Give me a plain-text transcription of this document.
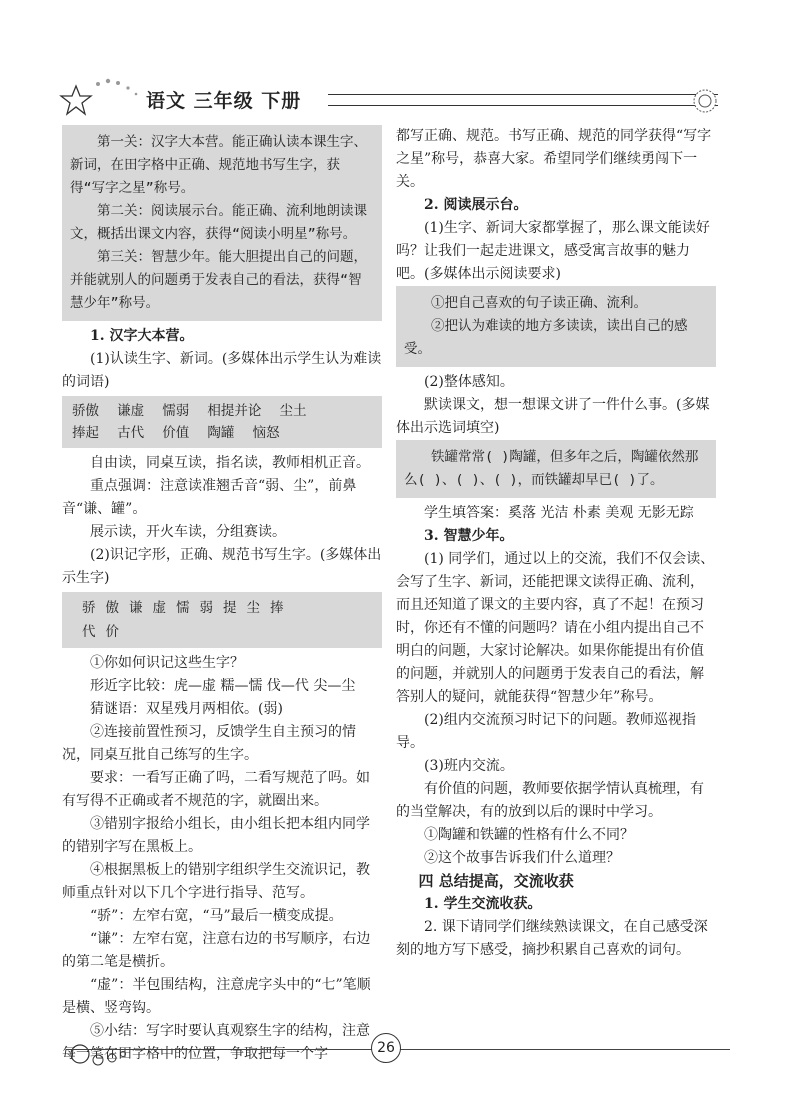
语文 三年级 下册

第一关：汉字大本营。能正确认读本课生字、新词，在田字格中正确、规范地书写生字，获得“写字之星”称号。

第二关：阅读展示台。能正确、流利地朗读课文，概括出课文内容，获得“阅读小明星”称号。

第三关：智慧少年。能大胆提出自己的问题，并能就别人的问题勇于发表自己的看法，获得“智慧少年”称号。

1. 汉字大本营。

(1)认读生字、新词。(多媒体出示学生认为难读的词语)

骄傲 谦虚 懦弱 相提并论 尘土
捧起 古代 价值 陶罐 恼怒

自由读，同桌互读，指名读，教师相机正音。

重点强调：注意读准翘舌音“弱、尘”，前鼻音“谦、罐”。

展示读，开火车读，分组赛读。

(2)识记字形，正确、规范书写生字。(多媒体出示生字)

骄傲谦虚懦弱提尘捧
代价

①你如何识记这些生字？

形近字比较：虎—虚 糯—懦 伐—代 尖—尘

猜谜语：双星残月两相依。(弱)

②连接前置性预习，反馈学生自主预习的情况，同桌互批自己练写的生字。

要求：一看写正确了吗，二看写规范了吗。如有写得不正确或者不规范的字，就圈出来。

③错别字报给小组长，由小组长把本组内同学的错别字写在黑板上。

④根据黑板上的错别字组织学生交流识记，教师重点针对以下几个字进行指导、范写。

“骄”：左窄右宽，“马”最后一横变成提。

“谦”：左窄右宽，注意右边的书写顺序，右边的第二笔是横折。

“虚”：半包围结构，注意虎字头中的“七”笔顺是横、竖弯钩。

⑤小结：写字时要认真观察生字的结构，注意每一笔在田字格中的位置，争取把每一个字

都写正确、规范。书写正确、规范的同学获得“写字之星”称号，恭喜大家。希望同学们继续勇闯下一关。

2. 阅读展示台。

(1)生字、新词大家都掌握了，那么课文能读好吗？让我们一起走进课文，感受寓言故事的魅力吧。(多媒体出示阅读要求)

①把自己喜欢的句子读正确、流利。

②把认为难读的地方多读读，读出自己的感受。

(2)整体感知。

默读课文，想一想课文讲了一件什么事。(多媒体出示选词填空)

铁罐常常( )陶罐，但多年之后，陶罐依然那么( )、( )、( )，而铁罐却早已( )了。

学生填答案：奚落 光洁 朴素 美观 无影无踪

3. 智慧少年。

(1) 同学们，通过以上的交流，我们不仅会读、会写了生字、新词，还能把课文读得正确、流利，而且还知道了课文的主要内容，真了不起！在预习时，你还有不懂的问题吗？请在小组内提出自己不明白的问题，大家讨论解决。如果你能提出有价值的问题，并就别人的问题勇于发表自己的看法，解答别人的疑问，就能获得“智慧少年”称号。

(2)组内交流预习时记下的问题。教师巡视指导。

(3)班内交流。

有价值的问题，教师要依据学情认真梳理，有的当堂解决，有的放到以后的课时中学习。

①陶罐和铁罐的性格有什么不同？

②这个故事告诉我们什么道理？

四 总结提高，交流收获

1. 学生交流收获。

2. 课下请同学们继续熟读课文，在自己感受深刻的地方写下感受，摘抄积累自己喜欢的词句。

26
